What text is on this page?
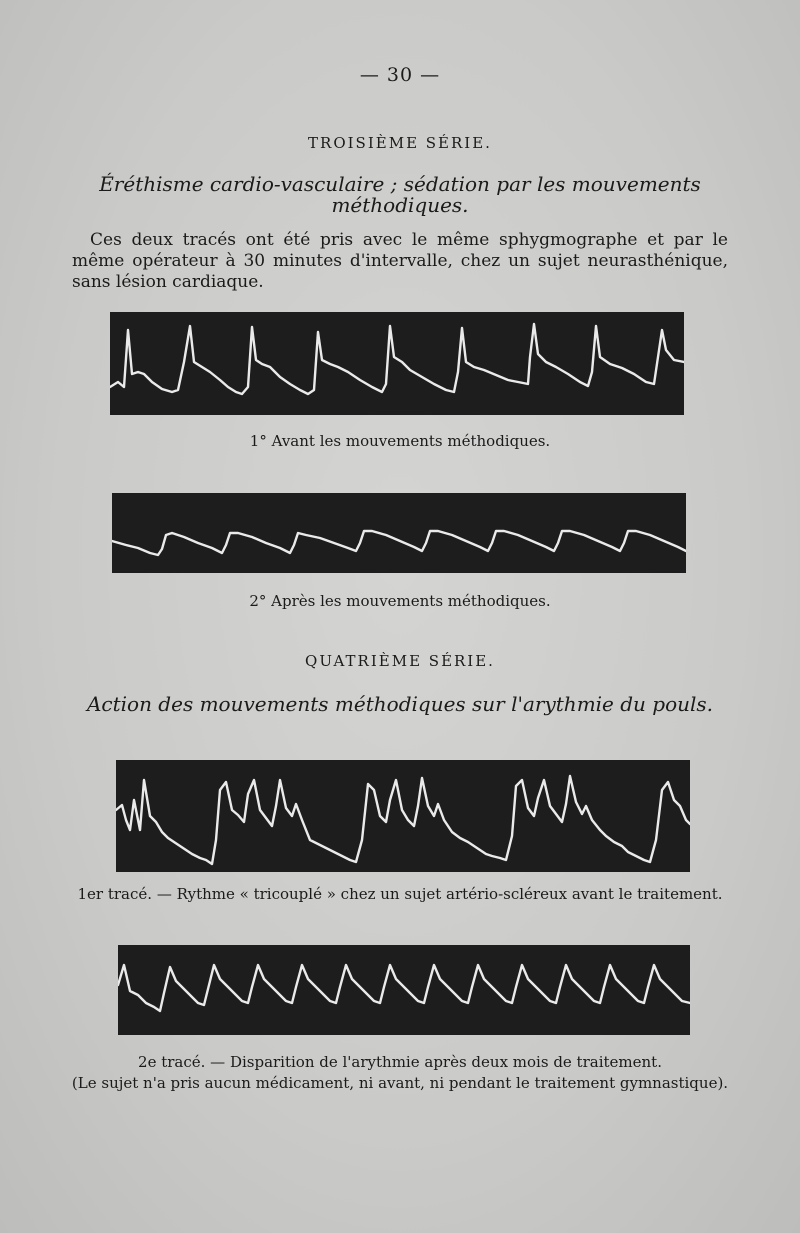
— 30 —
TROISIÈME SÉRIE.
Éréthisme cardio-vasculaire ; sédation par les mouvements
méthodiques.
Ces deux tracés ont été pris avec le même sphygmographe et par le même opérateur à 30 minutes d'intervalle, chez un sujet neurasthénique, sans lésion cardiaque.
1° Avant les mouvements méthodiques.
2° Après les mouvements méthodiques.
QUATRIÈME SÉRIE.
Action des mouvements méthodiques sur l'arythmie du pouls.
1er tracé. — Rythme « tricouplé » chez un sujet artério-scléreux avant le traitement.
2e tracé. — Disparition de l'arythmie après deux mois de traitement.
(Le sujet n'a pris aucun médicament, ni avant, ni pendant le traitement gymnastique).
